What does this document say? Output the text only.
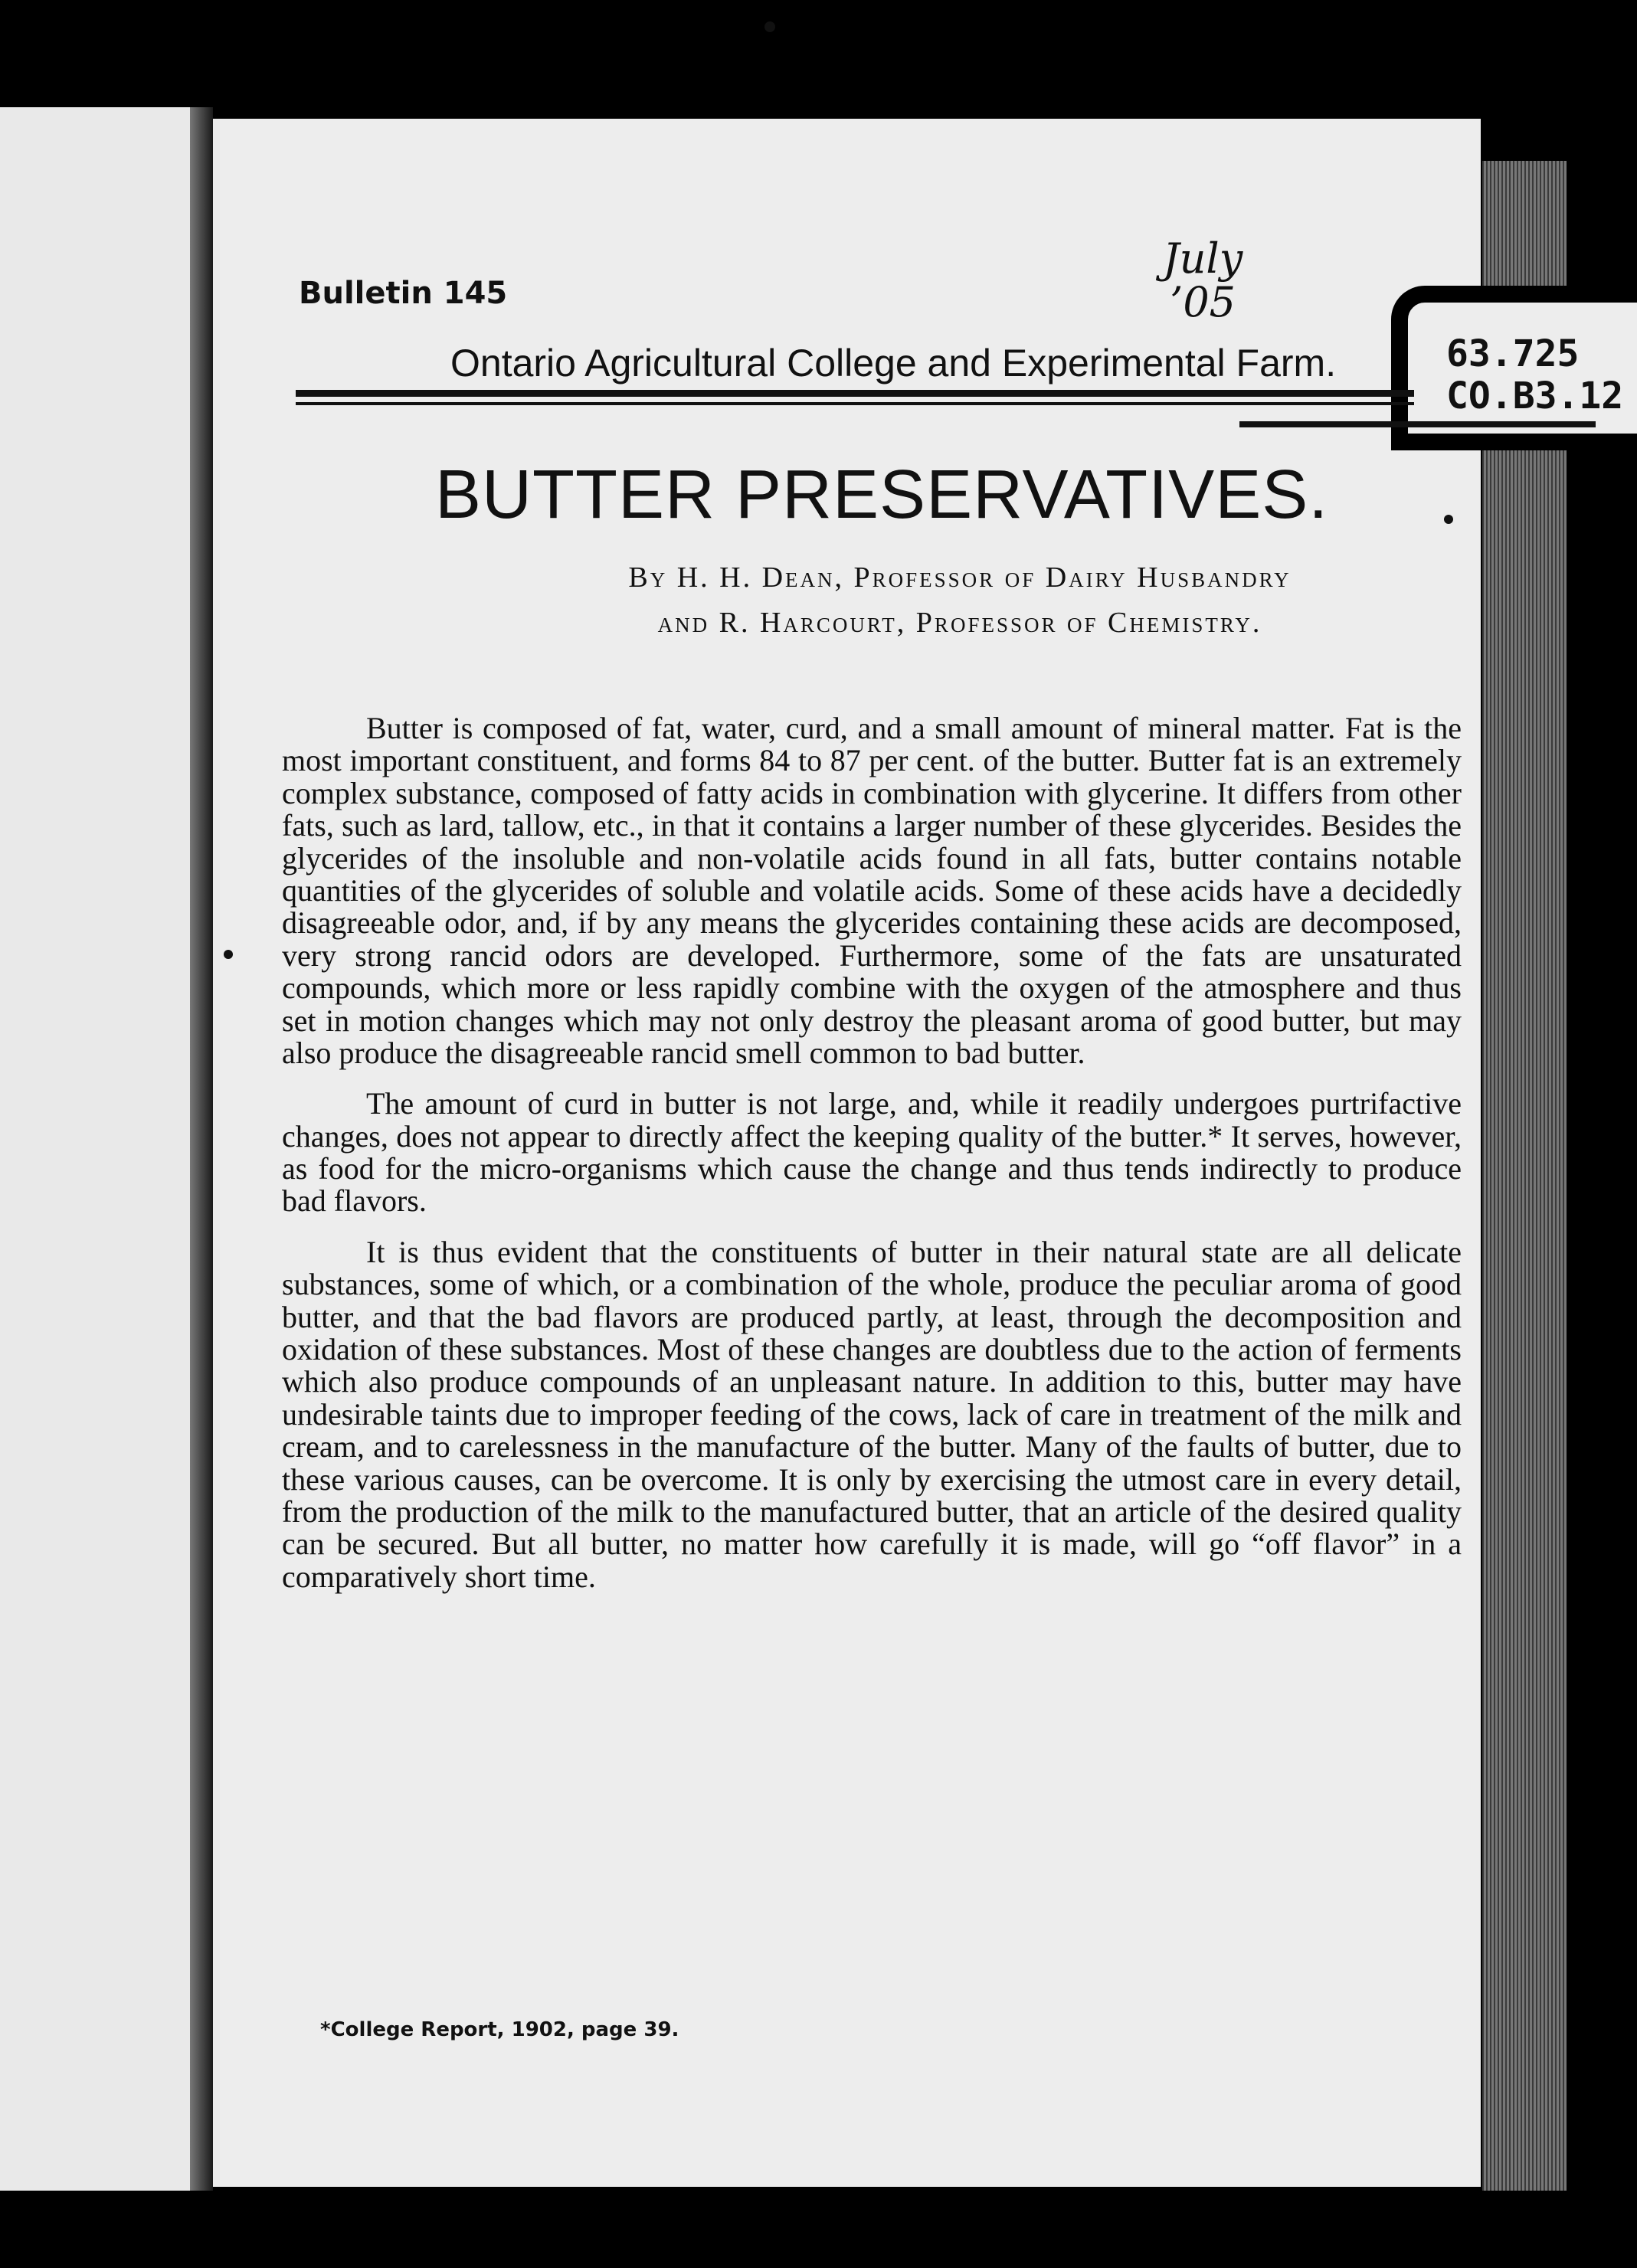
63.725
CO.B3.12
July
’05
Bulletin 145
Ontario Agricultural College and Experimental Farm.
BUTTER PRESERVATIVES.
By H. H. Dean, Professor of Dairy Husbandry
and R. Harcourt, Professor of Chemistry.

Butter is composed of fat, water, curd, and a small amount of mineral matter. Fat is the most important constituent, and forms 84 to 87 per cent. of the butter. Butter fat is an extremely complex substance, composed of fatty acids in combination with glycerine. It differs from other fats, such as lard, tallow, etc., in that it contains a larger number of these glycerides. Besides the glycerides of the insoluble and non-volatile acids found in all fats, butter contains notable quantities of the glycerides of soluble and volatile acids. Some of these acids have a decidedly disagreeable odor, and, if by any means the glycerides containing these acids are decomposed, very strong rancid odors are developed. Furthermore, some of the fats are unsaturated compounds, which more or less rapidly combine with the oxygen of the atmosphere and thus set in motion changes which may not only destroy the pleasant aroma of good butter, but may also produce the disagreeable rancid smell common to bad butter.

The amount of curd in butter is not large, and, while it readily undergoes purtrifactive changes, does not appear to directly affect the keeping quality of the butter.* It serves, however, as food for the micro-organisms which cause the change and thus tends indirectly to produce bad flavors.

It is thus evident that the constituents of butter in their natural state are all delicate substances, some of which, or a combination of the whole, produce the peculiar aroma of good butter, and that the bad flavors are produced partly, at least, through the decomposition and oxidation of these substances. Most of these changes are doubtless due to the action of ferments which also produce compounds of an unpleasant nature. In addition to this, butter may have undesirable taints due to improper feeding of the cows, lack of care in treatment of the milk and cream, and to carelessness in the manufacture of the butter. Many of the faults of butter, due to these various causes, can be overcome. It is only by exercising the utmost care in every detail, from the production of the milk to the manufactured butter, that an article of the desired quality can be secured. But all butter, no matter how carefully it is made, will go “off flavor” in a comparatively short time.

*College Report, 1902, page 39.
